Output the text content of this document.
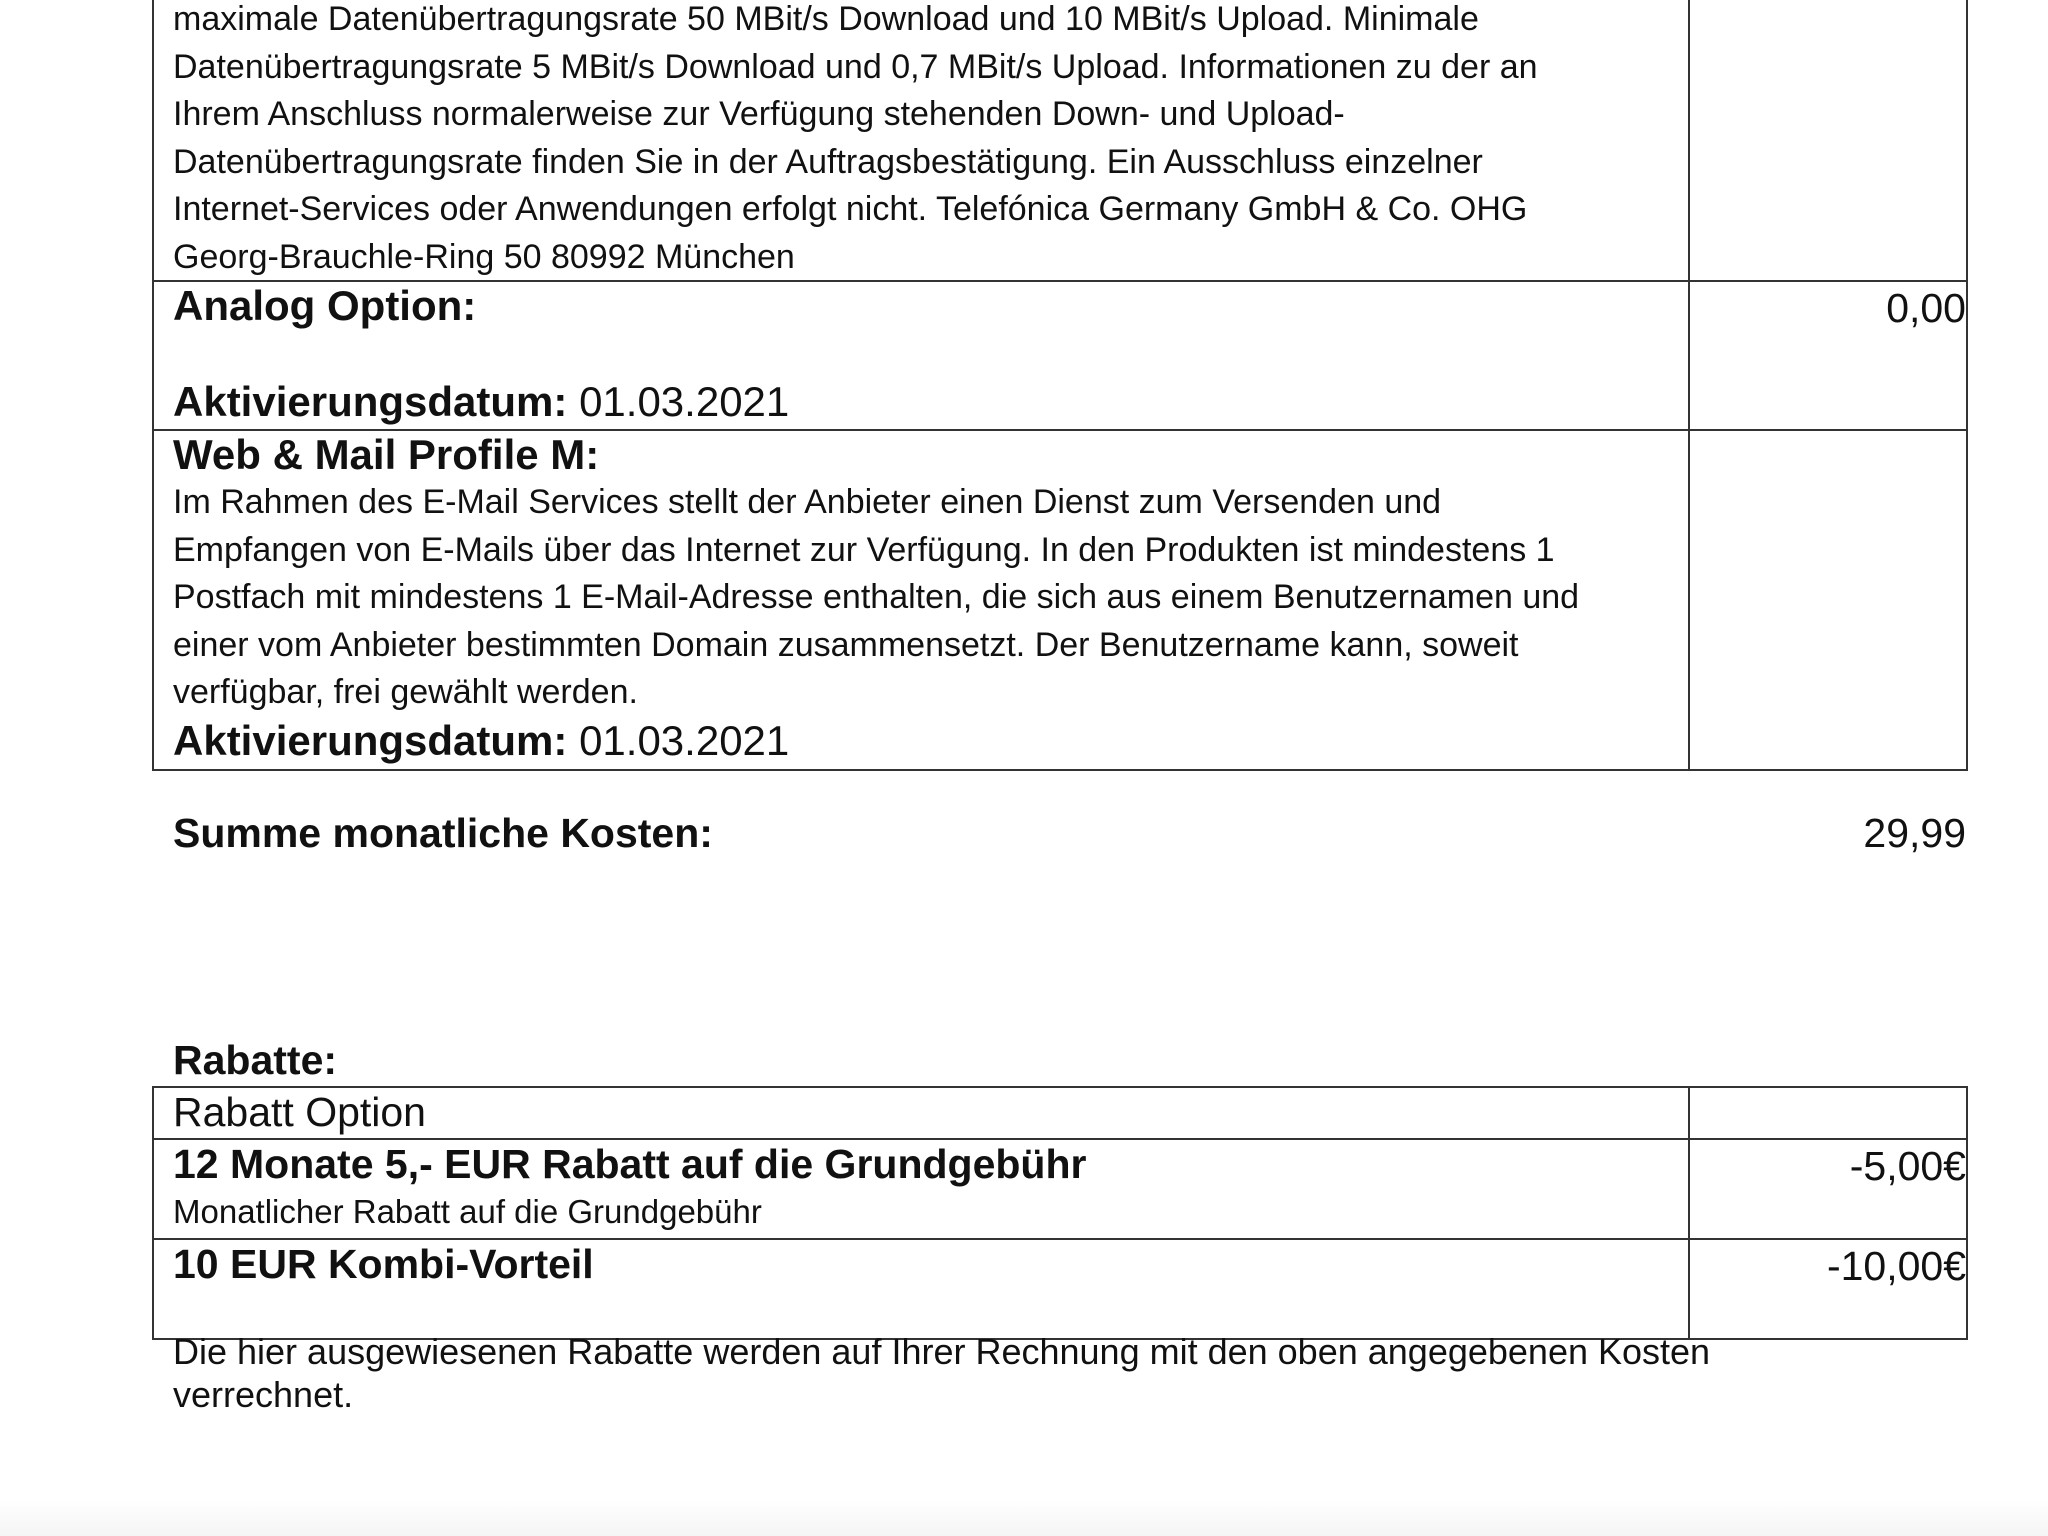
maximale Datenübertragungsrate 50 MBit/s Download und 10 MBit/s Upload. Minimale

Datenübertragungsrate 5 MBit/s Download und 0,7 MBit/s Upload. Informationen zu der an

Ihrem Anschluss normalerweise zur Verfügung stehenden Down- und Upload-

Datenübertragungsrate finden Sie in der Auftragsbestätigung. Ein Ausschluss einzelner

Internet-Services oder Anwendungen erfolgt nicht. Telefónica Germany GmbH & Co. OHG

Georg-Brauchle-Ring 50 80992 München

Analog Option:

Aktivierungsdatum: 01.03.2021

0,00

Web & Mail Profile M:

Im Rahmen des E-Mail Services stellt der Anbieter einen Dienst zum Versenden und

Empfangen von E-Mails über das Internet zur Verfügung. In den Produkten ist mindestens 1

Postfach mit mindestens 1 E-Mail-Adresse enthalten, die sich aus einem Benutzernamen und

einer vom Anbieter bestimmten Domain zusammensetzt. Der Benutzername kann, soweit

verfügbar, frei gewählt werden.

Aktivierungsdatum: 01.03.2021

Summe monatliche Kosten:	29,99
Rabatte:

Rabatt Option

12 Monate 5,- EUR Rabatt auf die Grundgebühr

Monatlicher Rabatt auf die Grundgebühr

-5,00€

10 EUR Kombi-Vorteil	-10,00€
Die hier ausgewiesenen Rabatte werden auf Ihrer Rechnung mit den oben angegebenen Kosten
verrechnet.
